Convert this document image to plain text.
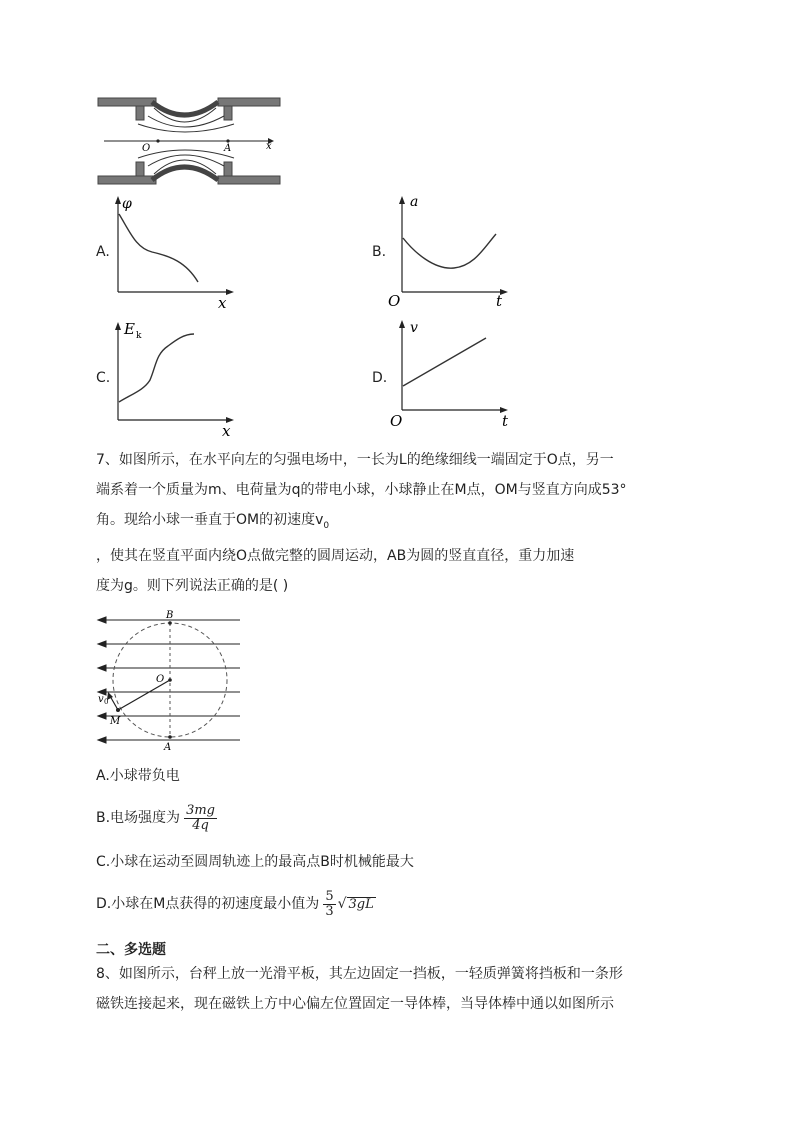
O	A	x
A.
φ
x
B.
a
O	t
C.
E k
x
D.
v
O	t
7、如图所示，在水平向左的匀强电场中，一长为L的绝缘细线一端固定于O点，另一
端系着一个质量为m、电荷量为q的带电小球，小球静止在M点，OM与竖直方向成53°
角。现给小球一垂直于OM的初速度$v_0$
，使其在竖直平面内绕O点做完整的圆周运动，AB为圆的竖直直径，重力加速
度为g。则下列说法正确的是( )
B
O
A
M
v 0
A.小球带负电
B.电场强度为 $\frac{3mg}{4q}$
C.小球在运动至圆周轨迹上的最高点B时机械能最大
D.小球在M点获得的初速度最小值为 $\frac{5}{3}$ √ 3gL
二、多选题
8、如图所示，台秤上放一光滑平板，其左边固定一挡板，一轻质弹簧将挡板和一条形
磁铁连接起来，现在磁铁上方中心偏左位置固定一导体棒，当导体棒中通以如图所示
